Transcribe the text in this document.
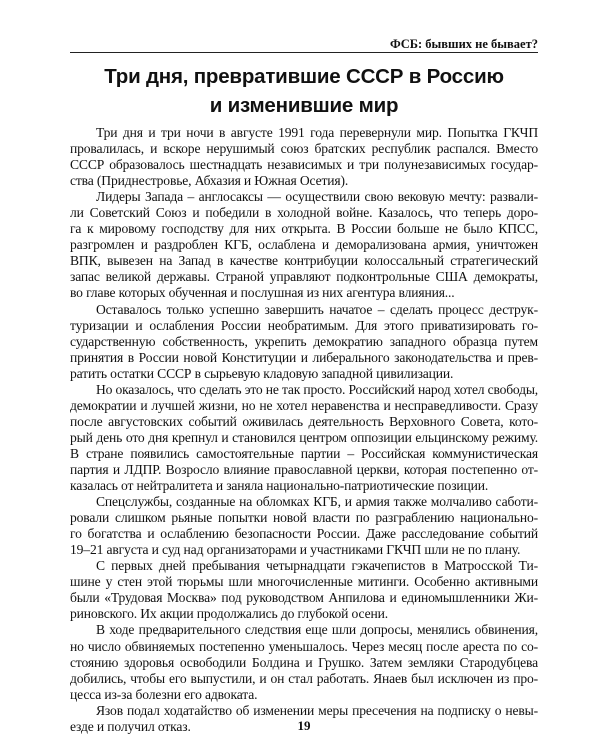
ФСБ: бывших не бывает?
Три дня, превратившие СССР в Россию
и изменившие мир
Три дня и три ночи в августе 1991 года перевернули мир. Попытка ГКЧП
провалилась, и вскоре нерушимый союз братских республик распался. Вместо
СССР образовалось шестнадцать независимых и три полунезависимых государ-
ства (Приднестровье, Абхазия и Южная Осетия).
Лидеры Запада – англосаксы — осуществили свою вековую мечту: развали-
ли Советский Союз и победили в холодной войне. Казалось, что теперь доро-
га к мировому господству для них открыта. В России больше не было КПСС,
разгромлен и раздроблен КГБ, ослаблена и деморализована армия, уничтожен
ВПК, вывезен на Запад в качестве контрибуции колоссальный стратегический
запас великой державы. Страной управляют подконтрольные США демократы,
во главе которых обученная и послушная из них агентура влияния...
Оставалось только успешно завершить начатое – сделать процесс деструк-
туризации и ослабления России необратимым. Для этого приватизировать го-
сударственную собственность, укрепить демократию западного образца путем
принятия в России новой Конституции и либерального законодательства и прев-
ратить остатки СССР в сырьевую кладовую западной цивилизации.
Но оказалось, что сделать это не так просто. Российский народ хотел свободы,
демократии и лучшей жизни, но не хотел неравенства и несправедливости. Сразу
после августовских событий оживилась деятельность Верховного Совета, кото-
рый день ото дня крепнул и становился центром оппозиции ельцинскому режиму.
В стране появились самостоятельные партии – Российская коммунистическая
партия и ЛДПР. Возросло влияние православной церкви, которая постепенно от-
казалась от нейтралитета и заняла национально-патриотические позиции.
Спецслужбы, созданные на обломках КГБ, и армия также молчаливо саботи-
ровали слишком рьяные попытки новой власти по разграблению национально-
го богатства и ослаблению безопасности России. Даже расследование событий
19–21 августа и суд над организаторами и участниками ГКЧП шли не по плану.
С первых дней пребывания четырнадцати гэкачепистов в Матросской Ти-
шине у стен этой тюрьмы шли многочисленные митинги. Особенно активными
были «Трудовая Москва» под руководством Анпилова и единомышленники Жи-
риновского. Их акции продолжались до глубокой осени.
В ходе предварительного следствия еще шли допросы, менялись обвинения,
но число обвиняемых постепенно уменьшалось. Через месяц после ареста по со-
стоянию здоровья освободили Болдина и Грушко. Затем земляки Стародубцева
добились, чтобы его выпустили, и он стал работать. Янаев был исключен из про-
цесса из-за болезни его адвоката.
Язов подал ходатайство об изменении меры пресечения на подписку о невы-
езде и получил отказ.	19
